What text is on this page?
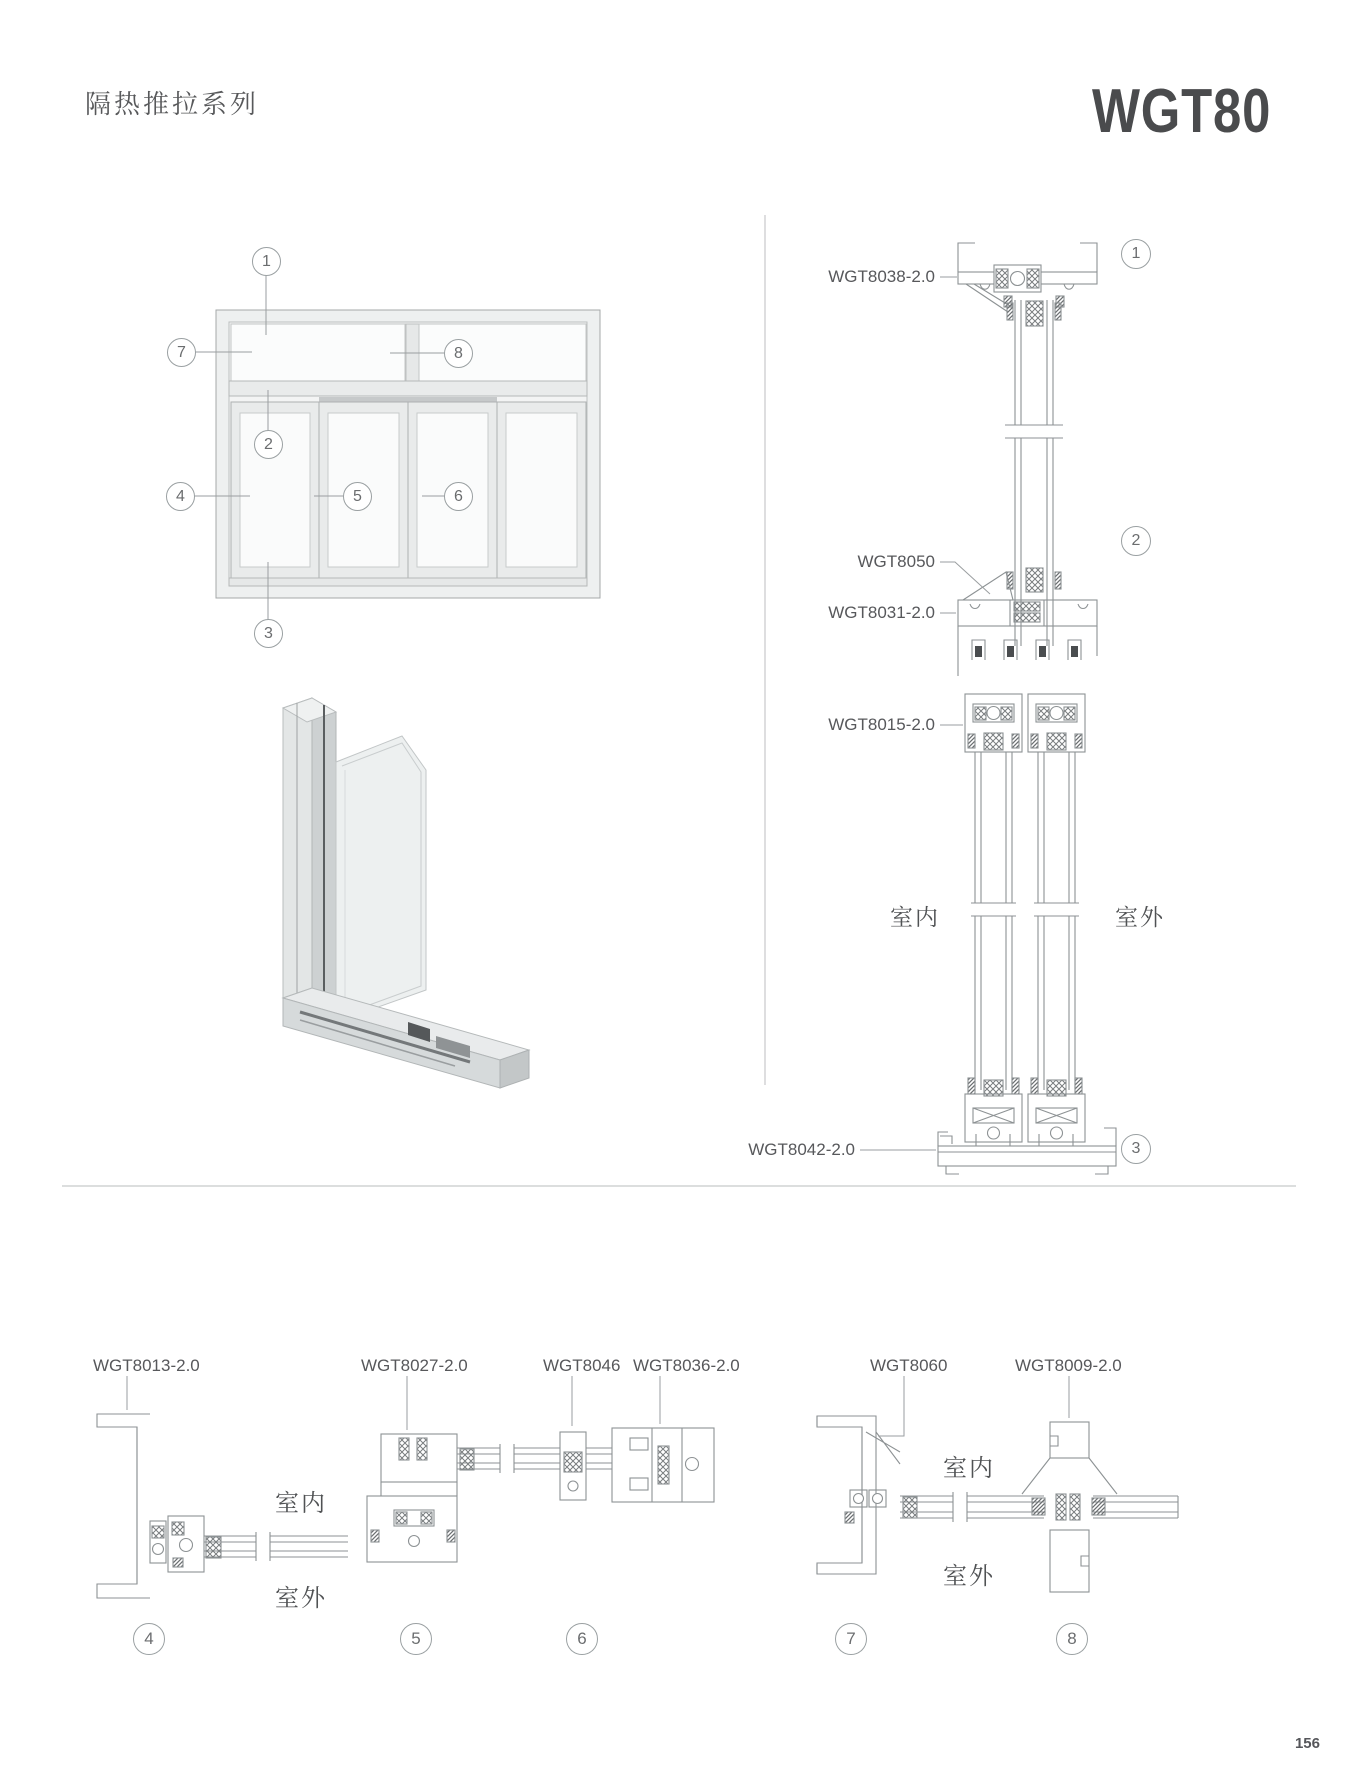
隔热推拉系列	WGT80
1
7	8
2
4	5	6
3
WGT8038-2.0
WGT8050
WGT8031-2.0
WGT8015-2.0
WGT8042-2.0
室内	室外
1
2
3
WGT8013-2.0	WGT8027-2.0	WGT8046 WGT8036-2.0	WGT8060	WGT8009-2.0
室内
室外
室内
室外
4	5	6	7	8
156
